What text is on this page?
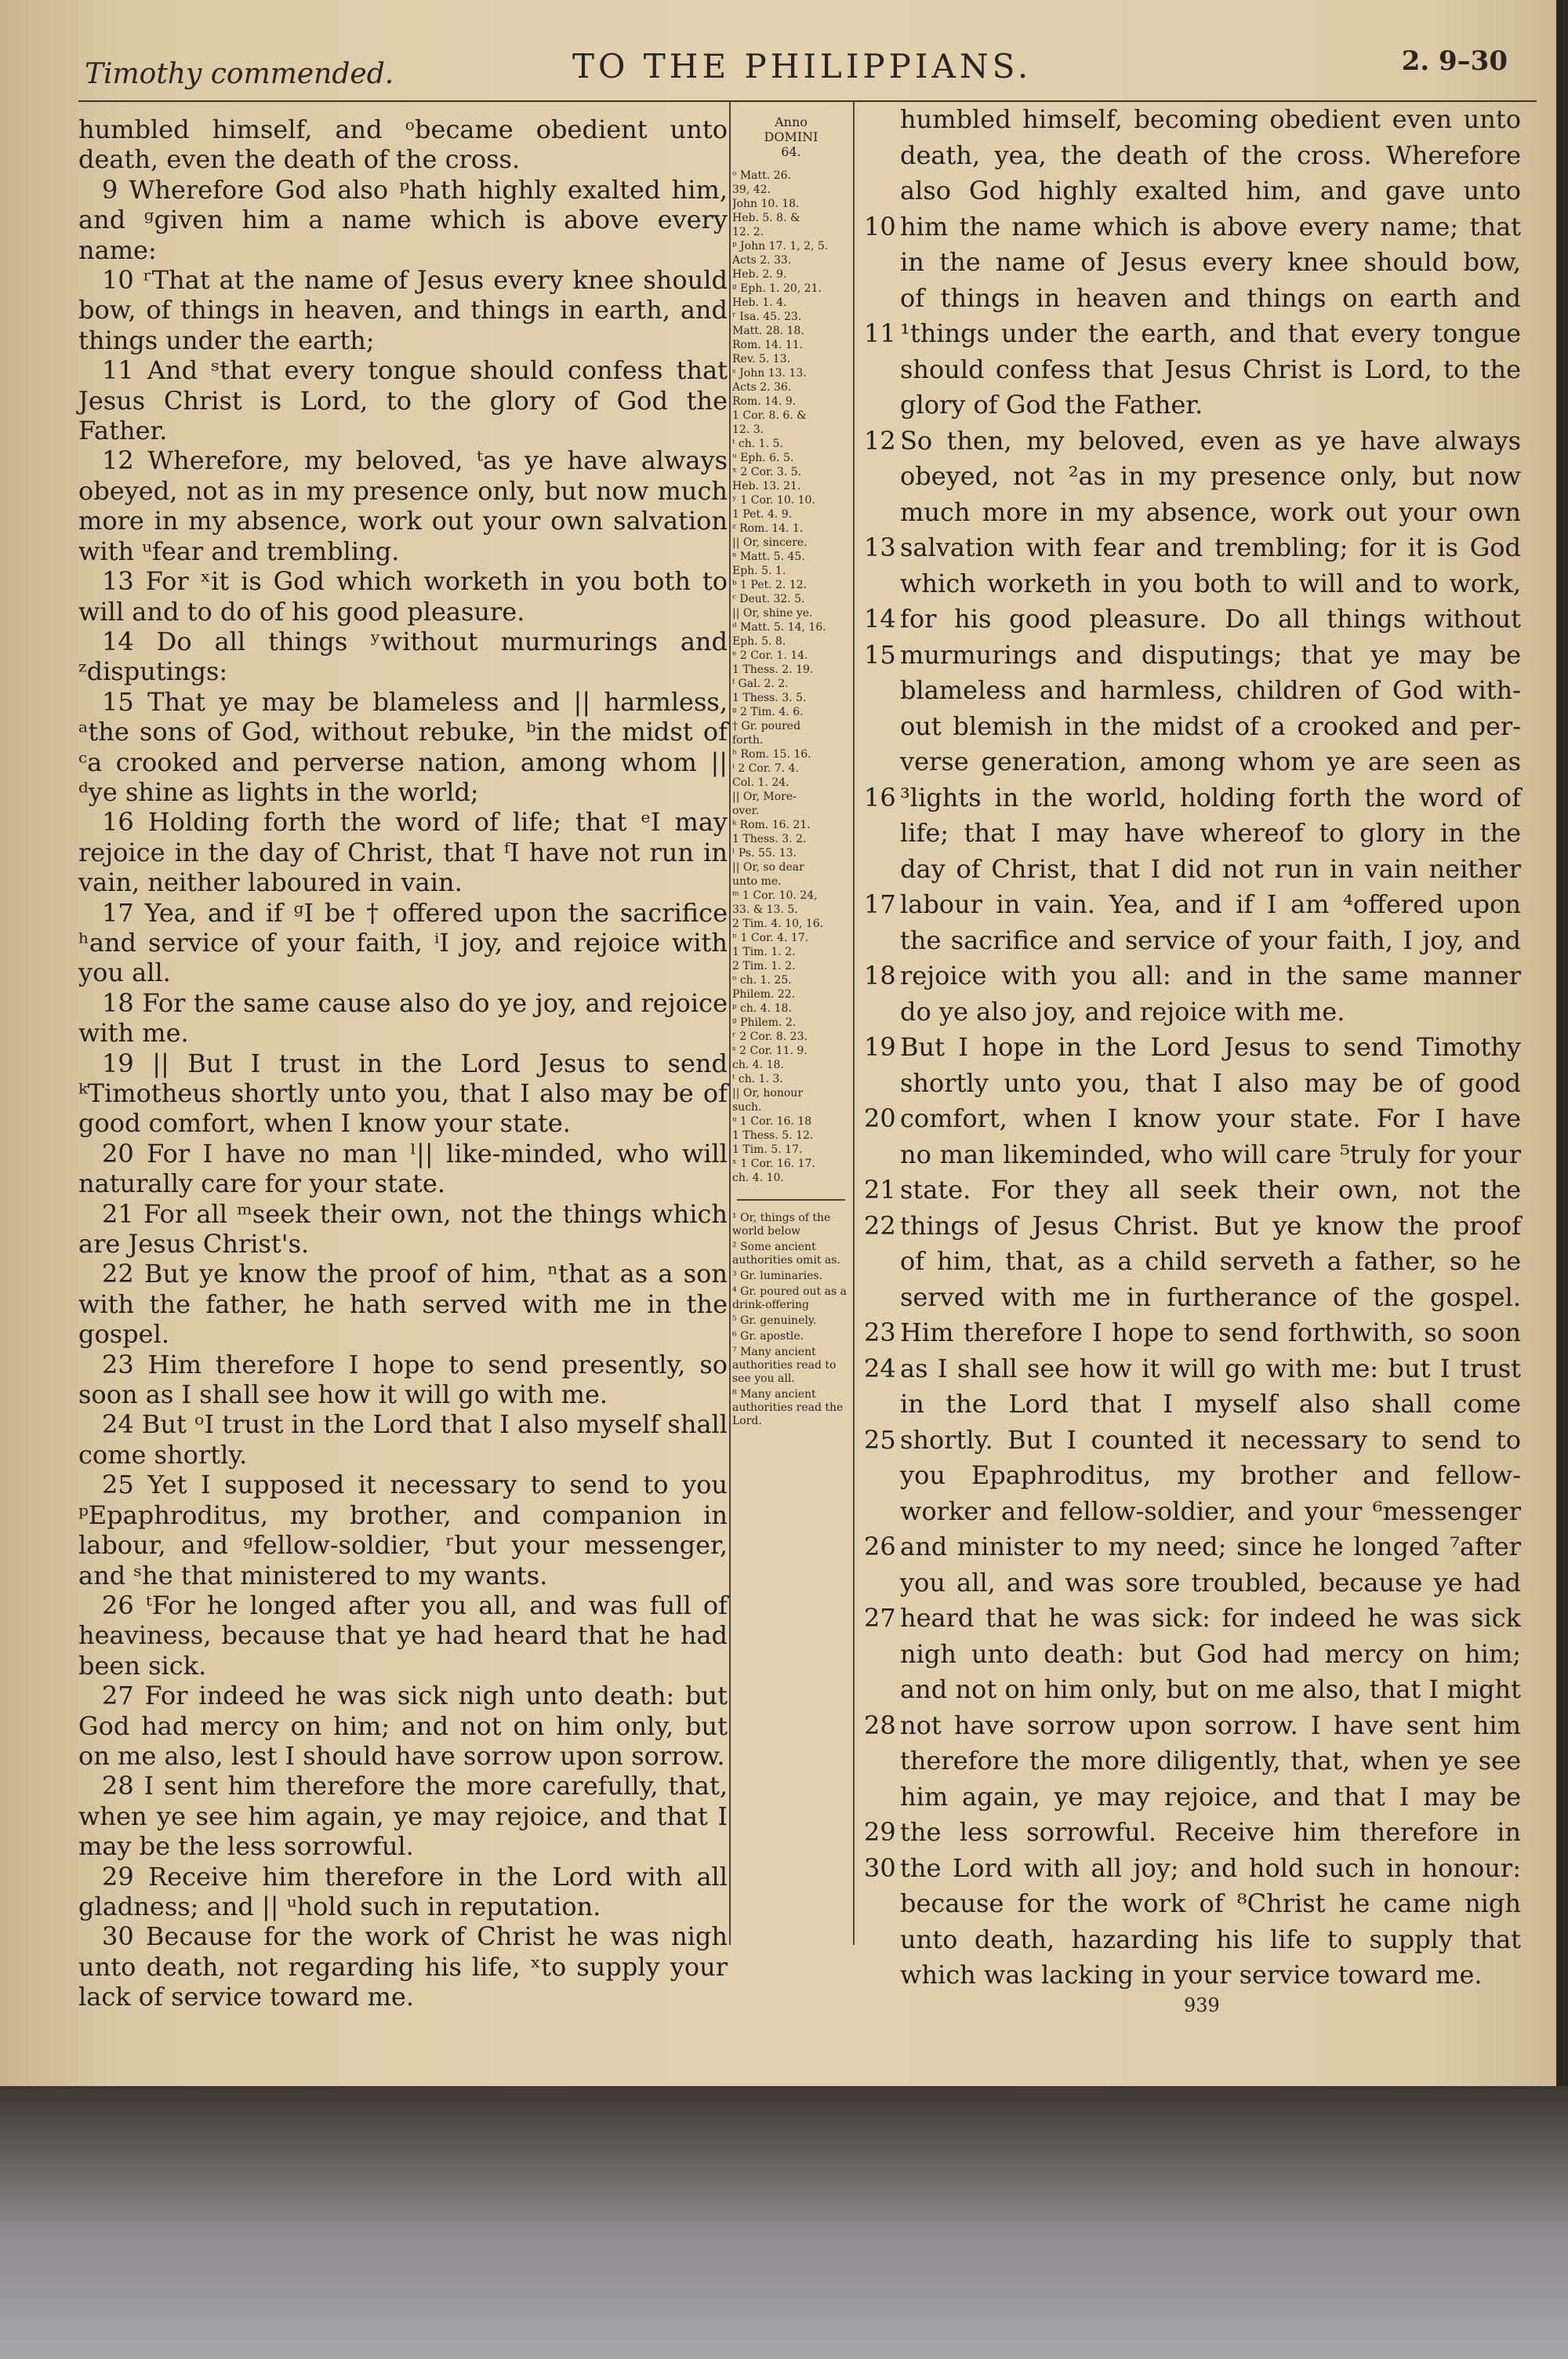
Timothy commended.	TO THE PHILIPPIANS.	2. 9–30

humbled himself, and ᵒbecame obedient unto death, even the death of the cross.

9 Wherefore God also ᵖhath highly exalted him, and ᵍgiven him a name which is above every name:

10 ʳThat at the name of Jesus every knee should bow, of things in heaven, and things in earth, and things under the earth;

11 And ˢthat every tongue should confess that Jesus Christ is Lord, to the glory of God the Father.

12 Wherefore, my beloved, ᵗas ye have always obeyed, not as in my presence only, but now much more in my absence, work out your own salvation with ᵘfear and trembling.

13 For ˣit is God which worketh in you both to will and to do of his good pleasure.

14 Do all things ʸwithout murmurings and ᶻdisputings:

15 That ye may be blameless and || harmless, ᵃthe sons of God, without rebuke, ᵇin the midst of ᶜa crooked and perverse nation, among whom || ᵈye shine as lights in the world;

16 Holding forth the word of life; that ᵉI may rejoice in the day of Christ, that ᶠI have not run in vain, neither laboured in vain.

17 Yea, and if ᵍI be † offered upon the sacrifice ʰand service of your faith, ⁱI joy, and rejoice with you all.

18 For the same cause also do ye joy, and rejoice with me.

19 || But I trust in the Lord Jesus to send ᵏTimotheus shortly unto you, that I also may be of good comfort, when I know your state.

20 For I have no man ˡ|| like-minded, who will naturally care for your state.

21 For all ᵐseek their own, not the things which are Jesus Christ's.

22 But ye know the proof of him, ⁿthat as a son with the father, he hath served with me in the gospel.

23 Him therefore I hope to send presently, so soon as I shall see how it will go with me.

24 But ᵒI trust in the Lord that I also myself shall come shortly.

25 Yet I supposed it necessary to send to you ᵖEpaphroditus, my brother, and companion in labour, and ᵍfellow-soldier, ʳbut your messenger, and ˢhe that ministered to my wants.

26 ᵗFor he longed after you all, and was full of heaviness, because that ye had heard that he had been sick.

27 For indeed he was sick nigh unto death: but God had mercy on him; and not on him only, but on me also, lest I should have sorrow upon sorrow.

28 I sent him therefore the more carefully, that, when ye see him again, ye may rejoice, and that I may be the less sorrowful.

29 Receive him therefore in the Lord with all gladness; and || ᵘhold such in reputation.

30 Because for the work of Christ he was nigh unto death, not regarding his life, ˣto supply your lack of service toward me.

Anno
DOMINI
64.
ᵒ Matt. 26.
39, 42.
John 10. 18.
Heb. 5. 8. &
12. 2.
ᵖ John 17. 1, 2, 5.
Acts 2. 33.
Heb. 2. 9.
ᵍ Eph. 1. 20, 21.
Heb. 1. 4.
ʳ Isa. 45. 23.
Matt. 28. 18.
Rom. 14. 11.
Rev. 5. 13.
ˢ John 13. 13.
Acts 2. 36.
Rom. 14. 9.
1 Cor. 8. 6. &
12. 3.
ᵗ ch. 1. 5.
ᵘ Eph. 6. 5.
ˣ 2 Cor. 3. 5.
Heb. 13. 21.
ʸ 1 Cor. 10. 10.
1 Pet. 4. 9.
ᶻ Rom. 14. 1.
|| Or, sincere.
ᵃ Matt. 5. 45.
Eph. 5. 1.
ᵇ 1 Pet. 2. 12.
ᶜ Deut. 32. 5.
|| Or, shine ye.
ᵈ Matt. 5. 14, 16.
Eph. 5. 8.
ᵉ 2 Cor. 1. 14.
1 Thess. 2. 19.
ᶠ Gal. 2. 2.
1 Thess. 3. 5.
ᵍ 2 Tim. 4. 6.
† Gr. poured
forth.
ʰ Rom. 15. 16.
ⁱ 2 Cor. 7. 4.
Col. 1. 24.
|| Or, More-
over.
ᵏ Rom. 16. 21.
1 Thess. 3. 2.
ˡ Ps. 55. 13.
|| Or, so dear
unto me.
ᵐ 1 Cor. 10. 24,
33. & 13. 5.
2 Tim. 4. 10, 16.
ⁿ 1 Cor. 4. 17.
1 Tim. 1. 2.
2 Tim. 1. 2.
ᵒ ch. 1. 25.
Philem. 22.
ᵖ ch. 4. 18.
ᵍ Philem. 2.
ʳ 2 Cor. 8. 23.
ˢ 2 Cor. 11. 9.
ch. 4. 18.
ᵗ ch. 1. 3.
|| Or, honour
such.
ᵘ 1 Cor. 16. 18
1 Thess. 5. 12.
1 Tim. 5. 17.
ˣ 1 Cor. 16. 17.
ch. 4. 10.
¹ Or, things of the world below
² Some ancient authorities omit as.
³ Gr. luminaries.
⁴ Gr. poured out as a drink-offering
⁵ Gr. genuinely.
⁶ Gr. apostle.
⁷ Many ancient authorities read to see you all.
⁸ Many ancient authorities read the Lord.
humbled himself, becoming obedient even unto
death, yea, the death of the cross. Wherefore
also God highly exalted him, and gave unto
10 him the name which is above every name; that
in the name of Jesus every knee should bow,
of things in heaven and things on earth and
11 ¹things under the earth, and that every tongue
should confess that Jesus Christ is Lord, to the
glory of God the Father.
12 So then, my beloved, even as ye have always
obeyed, not ²as in my presence only, but now
much more in my absence, work out your own
13 salvation with fear and trembling; for it is God
which worketh in you both to will and to work,
14 for his good pleasure. Do all things without
15 murmurings and disputings; that ye may be
blameless and harmless, children of God with-
out blemish in the midst of a crooked and per-
verse generation, among whom ye are seen as
16 ³lights in the world, holding forth the word of
life; that I may have whereof to glory in the
day of Christ, that I did not run in vain neither
17 labour in vain. Yea, and if I am ⁴offered upon
the sacrifice and service of your faith, I joy, and
18 rejoice with you all: and in the same manner
do ye also joy, and rejoice with me.
19 But I hope in the Lord Jesus to send Timothy
shortly unto you, that I also may be of good
20 comfort, when I know your state. For I have
no man likeminded, who will care ⁵truly for your
21 state. For they all seek their own, not the
22 things of Jesus Christ. But ye know the proof
of him, that, as a child serveth a father, so he
served with me in furtherance of the gospel.
23 Him therefore I hope to send forthwith, so soon
24 as I shall see how it will go with me: but I trust
in the Lord that I myself also shall come
25 shortly. But I counted it necessary to send to
you Epaphroditus, my brother and fellow-
worker and fellow-soldier, and your ⁶messenger
26 and minister to my need; since he longed ⁷after
you all, and was sore troubled, because ye had
27 heard that he was sick: for indeed he was sick
nigh unto death: but God had mercy on him;
and not on him only, but on me also, that I might
28 not have sorrow upon sorrow. I have sent him
therefore the more diligently, that, when ye see
him again, ye may rejoice, and that I may be
29 the less sorrowful. Receive him therefore in
30 the Lord with all joy; and hold such in honour:
because for the work of ⁸Christ he came nigh
unto death, hazarding his life to supply that
which was lacking in your service toward me.
939
